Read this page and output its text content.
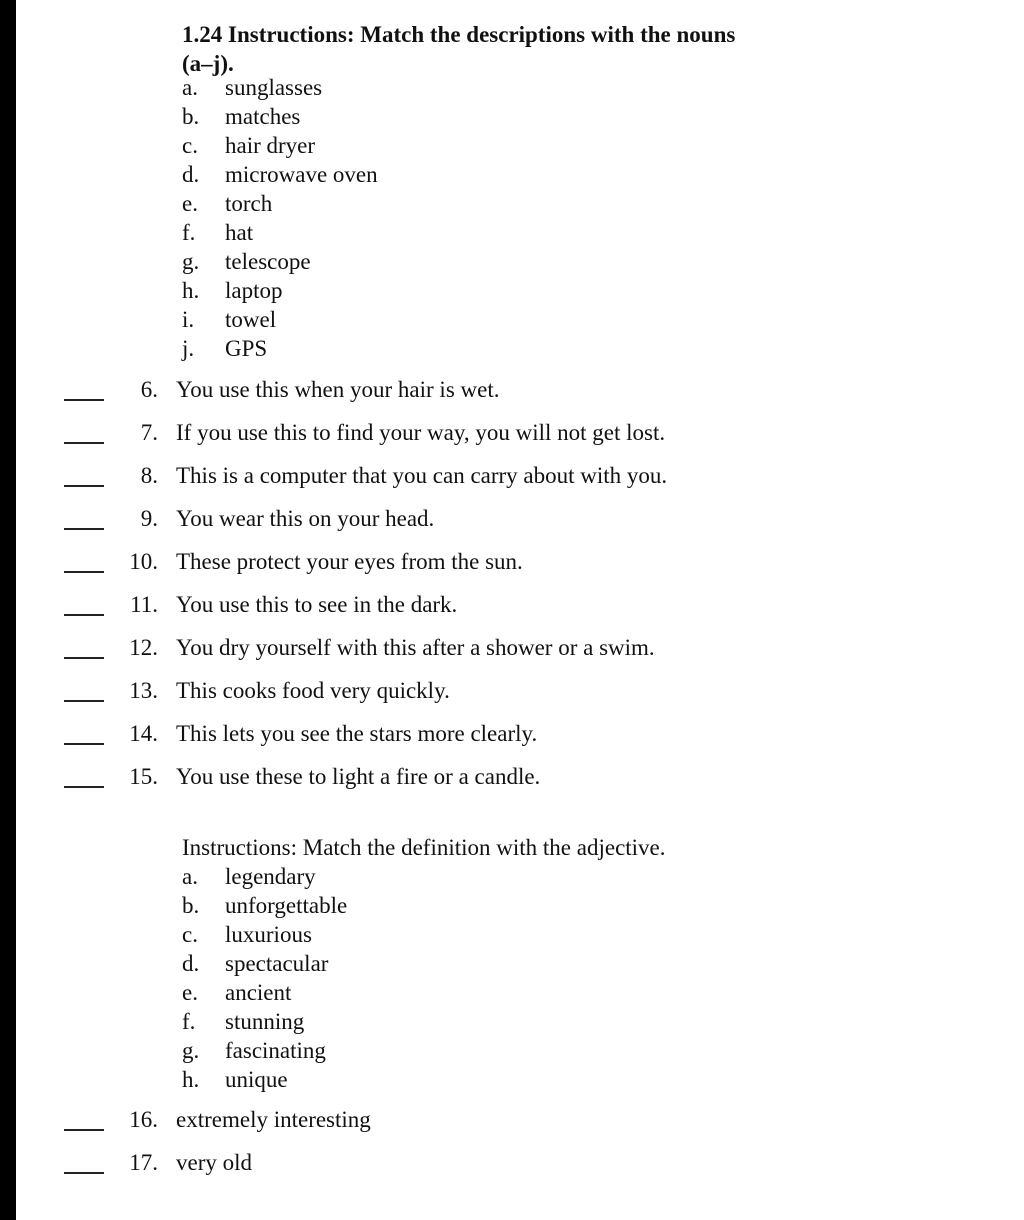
1.24 Instructions: Match the descriptions with the nouns (a–j).
a. sunglasses
b. matches
c. hair dryer
d. microwave oven
e. torch
f. hat
g. telescope
h. laptop
i. towel
j. GPS
6. You use this when your hair is wet.
7. If you use this to find your way, you will not get lost.
8. This is a computer that you can carry about with you.
9. You wear this on your head.
10. These protect your eyes from the sun.
11. You use this to see in the dark.
12. You dry yourself with this after a shower or a swim.
13. This cooks food very quickly.
14. This lets you see the stars more clearly.
15. You use these to light a fire or a candle.
Instructions: Match the definition with the adjective.
a. legendary
b. unforgettable
c. luxurious
d. spectacular
e. ancient
f. stunning
g. fascinating
h. unique
16. extremely interesting
17. very old
